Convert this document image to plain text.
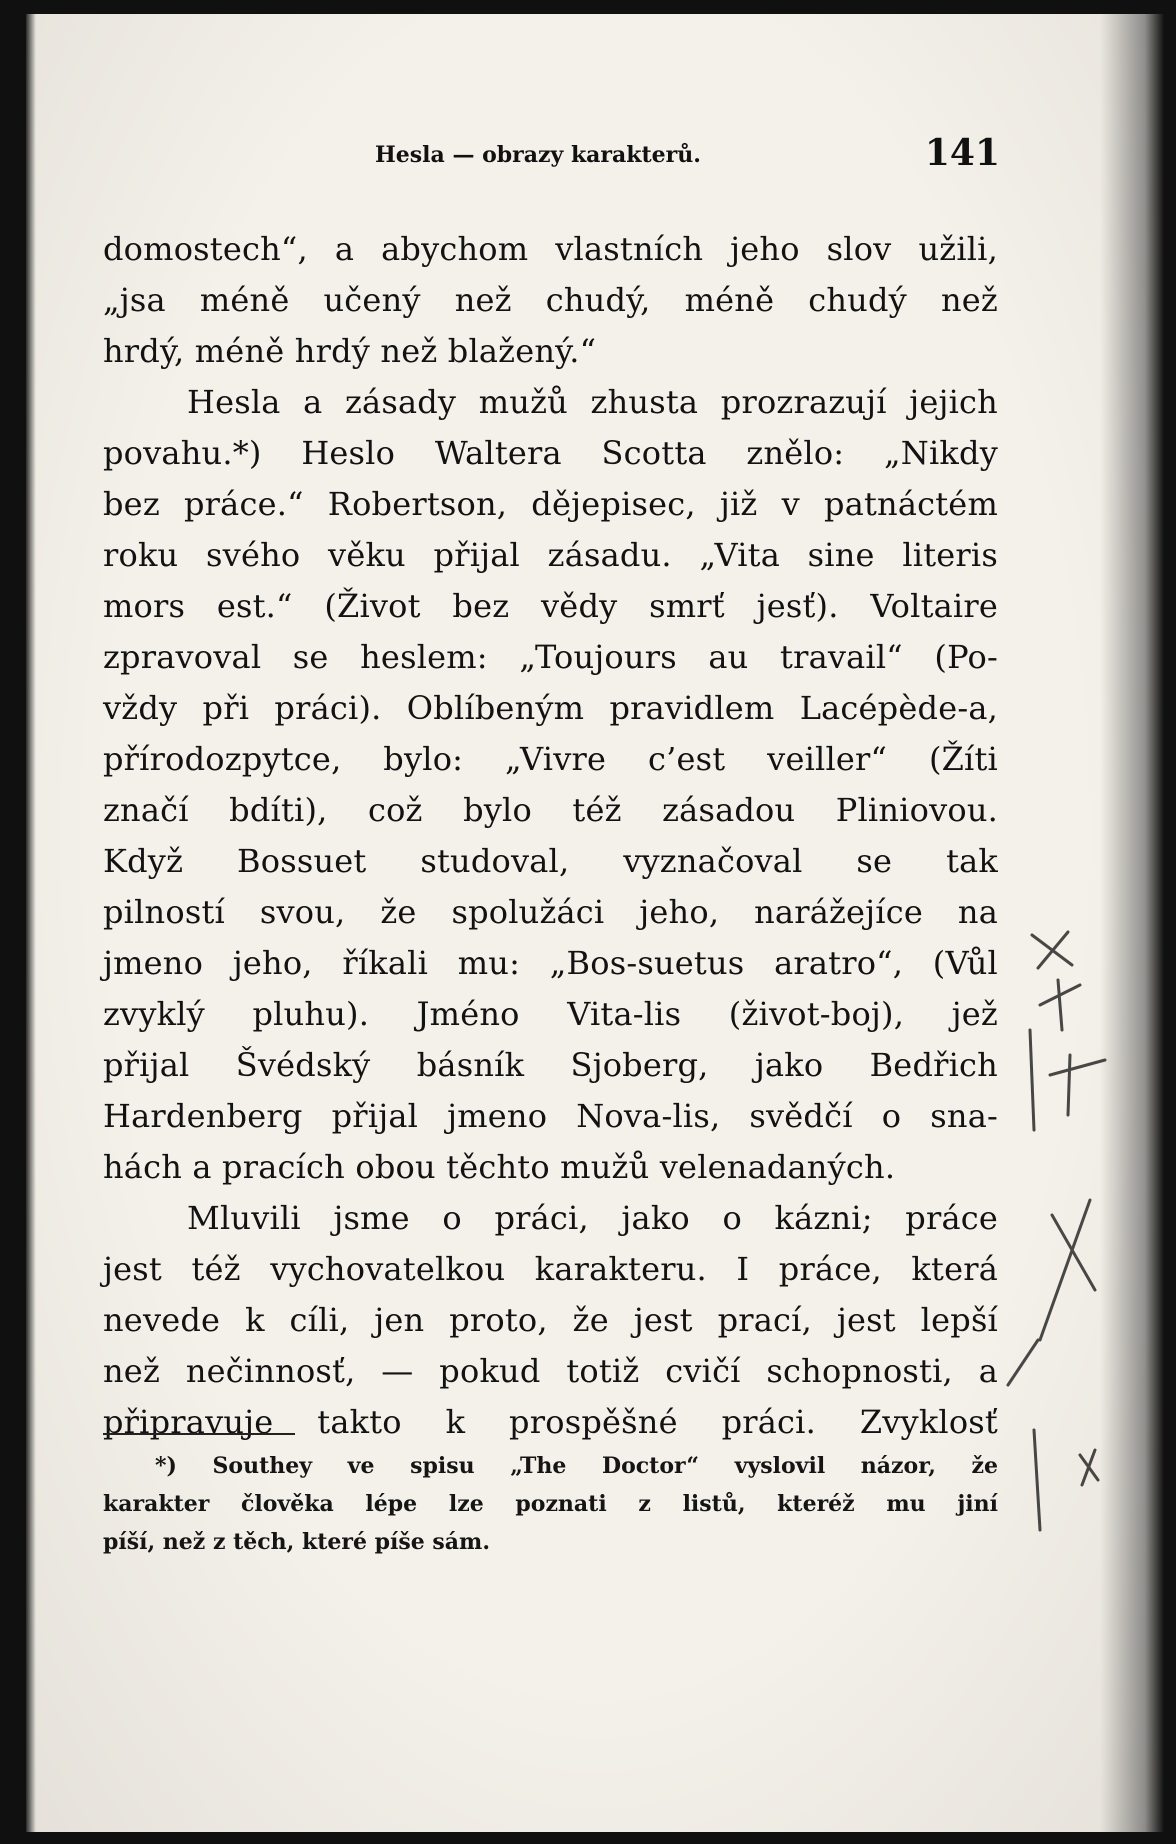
Hesla — obrazy karakterů.	141
domostech“, a abychom vlastních jeho slov užili,
„jsa méně učený než chudý, méně chudý než
hrdý, méně hrdý než blažený.“
Hesla a zásady mužů zhusta prozrazují jejich
povahu.*) Heslo Waltera Scotta znělo: „Nikdy
bez práce.“ Robertson, dějepisec, již v patnáctém
roku svého věku přijal zásadu. „Vita sine literis
mors est.“ (Život bez vědy smrť jesť). Voltaire
zpravoval se heslem: „Toujours au travail“ (Po-
vždy při práci). Oblíbeným pravidlem Lacépède-a,
přírodozpytce, bylo: „Vivre c’est veiller“ (Žíti
značí bdíti), což bylo též zásadou Pliniovou.
Když Bossuet studoval, vyznačoval se tak
pilností svou, že spolužáci jeho, narážejíce na
jmeno jeho, říkali mu: „Bos-suetus aratro“, (Vůl
zvyklý pluhu). Jméno Vita-lis (život-boj), jež
přijal Švédský básník Sjoberg, jako Bedřich
Hardenberg přijal jmeno Nova-lis, svědčí o sna-
hách a pracích obou těchto mužů velenadaných.
Mluvili jsme o práci, jako o kázni; práce
jest též vychovatelkou karakteru. I práce, která
nevede k cíli, jen proto, že jest prací, jest lepší
než nečinnosť, — pokud totiž cvičí schopnosti, a
připravuje takto k prospěšné práci. Zvyklosť
*) Southey ve spisu „The Doctor“ vyslovil názor, že
karakter člověka lépe lze poznati z listů, kteréž mu jiní
píší, než z těch, které píše sám.
